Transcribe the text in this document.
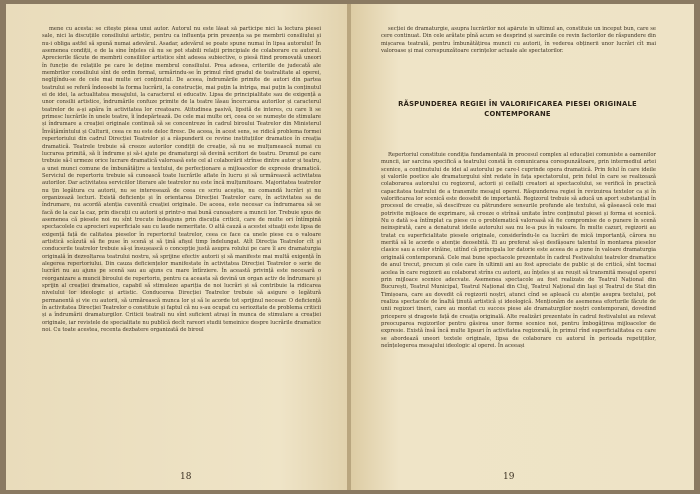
mene cu acesta: se citește piesa unui autor. Autorul nu este lăsat să participe nici la lectura piesei sale, nici la discuțiile consiliului artistic, pentru ca influența prin prezența sa pe membrii consiliului și nu-i obliga astfel să spună numai adevărul. Asadar, adevărul se poate spune numai în lipsa autorului! În asemenea condiții, e de la sine înțeles că nu se pot stabili relații principiale de colaborare cu autorul. Aprecierile făcute de membrii consiliilor artistice sînt adesea subiective, o piesă fiind promovată uneori în funcție de relațiile pe care le deține membrul consiliului. Prea adesea, criteriile de judecată ale membrilor consiliului sînt de ordin formal, urmărindu-se în primul rînd gradul de teatralitate al operei, neglijîndu-se de cele mai multe ori conținutul. De aceea, îndrumările primite de autori din partea teatrului se referă îndeosebi la forma lucrării, la construcție, mai puțin la intriga, mai puțin la conținutul ei de idei, la actualitatea mesajului, la caracterul ei educativ. Lipsa de principialitate sau de exigență a unor consilii artistice, îndrumările confuze primite de la teatre lăsau încercarea autorilor și caracterul teatrelor de a-și apăra în activitatea lor creatoare. Atitudinea pasivă, lipsită de interes, cu care li se primesc lucrările în unele teatre, îi îndepărtează. De cele mai multe ori, ceea ce se numește de stimulare și îndrumare a creației originale continuă să se concentreze în cadrul biroului Teatrelor din Ministerul Învățămîntului și Culturii, ceea ce nu este deloc firesc. De aceea, în acest sens, se ridică problema formei repertoriului din cadrul Direcției Teatrelor și a răspunderii ce revine instituțiilor dramatice în creația dramatică. Teatrele trebuie să creeze autorilor condiții de creație, să nu se mulțumească numai cu lucrarea primită, să îi îndrume și să-i ajute pe dramaturgi să devină scriitori de teatru. Drumul pe care trebuie să-l urmeze orice lucrare dramatică valoroasă este cel al colaborării strînse dintre autor și teatru, a unei munci comune de îmbunătățire a textului, de perfecționare a mijloacelor de expresie dramatică. Serviciul de repertoriu trebuie să cunoască toate lucrările aflate în lucru și să urmărească activitatea autorilor. Dar activitatea serviciilor literare ale teatrelor nu este încă mulțumitoare. Majoritatea teatrelor nu țin legătura cu autorii, nu se interesează de ceea ce scriu aceștia, nu comandă lucrări și nu organizează lecturi. Există deficiențe și în orientarea Direcției Teatrelor care, în activitatea sa de îndrumare, nu acordă atenția cuvenită creației originale. De aceea, este necesar ca îndrumarea să se facă de la caz la caz, prin discuții cu autorii și printr-o mai bună cunoaștere a muncii lor. Trebuie spus de asemenea că piesele noi nu sînt trecute îndeajuns prin discuția criticii, care de multe ori întîmpină spectacolele cu aprecieri superficiale sau cu laude nemeritate. O altă cauză a acestei situații este lipsa de exigență față de calitatea pieselor în repertoriul teatrelor, ceea ce face ca unele piese cu o valoare artistică scăzută să fie puse în scenă și să țină afișul timp îndelungat. Atît Direcția Teatrelor cît și conducerile teatrelor trebuie să-și însușească o concepție justă asupra rolului pe care îl are dramaturgia originală în dezvoltarea teatrului nostru, să sprijine efectiv autorii și să manifeste mai multă exigență în alegerea repertoriului. Din cauza deficiențelor manifestate în activitatea Direcției Teatrelor o serie de lucrări nu au ajuns pe scenă sau au ajuns cu mare întîrziere. În această privință este necesară o reorganizare a muncii biroului de repertoriu, pentru ca aceasta să devină un organ activ de îndrumare și sprijin al creației dramatice, capabil să stimuleze apariția de noi lucrări și să contribuie la ridicarea nivelului lor ideologic și artistic. Conducerea Direcției Teatrelor trebuie să asigure o legătură permanentă și vie cu autorii, să urmărească munca lor și să le acorde tot sprijinul necesar. O deficiență în activitatea Direcției Teatrelor o constituie și faptul că nu s-au ocupat cu seriozitate de problema criticii și a îndrumării dramaturgilor. Criticii teatrali nu sînt suficient atrași în munca de stimulare a creației originale, iar revistele de specialitate nu publică decît rareori studii temeinice despre lucrările dramatice noi. Cu toate acestea, recenta dezbatere organizată de biroul
18
secției de dramaturgie, asupra lucrărilor noi apărute în ultimul an, constituie un început bun, care se cere continuat. Din cele arătate pînă acum se desprind și sarcinile ce revin factorilor de răspundere din mișcarea teatrală, pentru îmbunătățirea muncii cu autorii, în vederea obținerii unor lucrări cît mai valoroase și mai corespunzătoare cerințelor actuale ale spectatorilor.
RĂSPUNDEREA REGIEI ÎN VALORIFICAREA PIESEI ORIGINALE CONTEMPORANE
Repertoriul constituie condiția fundamentală în procesul complex al educației comuniste a oamenilor muncii, iar sarcina specifică a teatrului constă în comunicarea corespunzătoare, prin intermediul artei scenice, a conținutului de idei al autorului pe care-l cuprinde opera dramatică. Prin felul în care ideile și valorile poetice ale dramaturgului sînt redate în fața spectatorului, prin felul în care se realizează colaborarea autorului cu regizorul, actorii și ceilalți creatori ai spectacolului, se verifică în practică capacitatea teatrului de a transmite mesajul operei. Răspunderea regiei în revizuirea textelor ca și în valorificarea lor scenică este deosebit de importantă. Regizorul trebuie să aducă un aport substanțial în procesul de creație, să descifreze cu pătrundere sensurile profunde ale textului, să găsească cele mai potrivite mijloace de exprimare, să creeze o strînsă unitate între conținutul piesei și forma ei scenică. Nu o dată s-a întîmplat ca piese cu o problematică valoroasă să fie compromise de o punere în scenă neinspirată, care a denaturat ideile autorului sau nu le-a pus în valoare. În multe cazuri, regizorii au tratat cu superficialitate piesele originale, considerîndu-le ca lucrări de mică importanță, cărora nu merită să le acorde o atenție deosebită. Ei au preferat să-și desfășoare talentul în montarea pieselor clasice sau a celor străine, uitînd că principala lor datorie este aceea de a pune în valoare dramaturgia originală contemporană. Cele mai bune spectacole prezentate în cadrul Festivalului teatrelor dramatice de anul trecut, precum și cele care în ultimii ani au fost apreciate de public și de critică, sînt tocmai acelea în care regizorii au colaborat strîns cu autorii, au înțeles și au reușit să transmită mesajul operei prin mijloace scenice adecvate. Asemenea spectacole au fost realizate de Teatrul Național din București, Teatrul Municipal, Teatrul Național din Cluj, Teatrul Național din Iași și Teatrul de Stat din Timișoara, care au dovedit că regizorii noștri, atunci cînd se apleacă cu atenție asupra textului, pot realiza spectacole de înaltă ținută artistică și ideologică. Menționăm de asemenea eforturile făcute de unii regizori tineri, care au montat cu succes piese ale dramaturgilor noștri contemporani, dovedind pricepere și dragoste față de creația originală. Alte realizări prezentate în cadrul festivalului au relevat preocuparea regizorilor pentru găsirea unor forme scenice noi, pentru îmbogățirea mijloacelor de expresie. Există însă încă multe lipsuri în activitatea regizorală, în primul rînd superficialitatea cu care se abordează uneori textele originale, lipsa de colaborare cu autorul în perioada repetițiilor, neînțelegerea mesajului ideologic al operei. În aceeași
19
